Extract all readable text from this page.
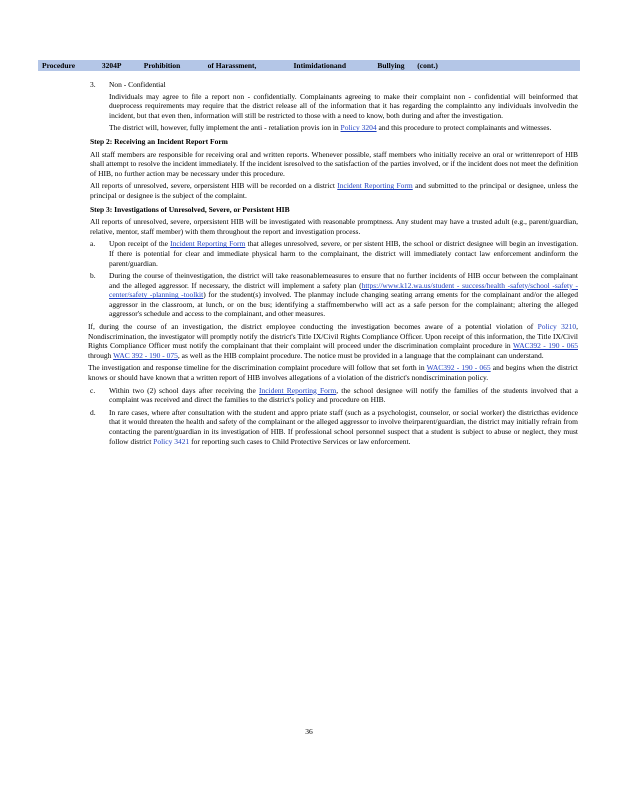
Procedure	3204P	Prohibition	of Harassment,	Intimidationand	Bullying (cont.)
3. Non - Confidential

Individuals may agree to file a report non - confidentially. Complainants agreeing to make their complaint non - confidential will beinformed that dueprocess requirements may require that the district release all of the information that it has regarding the complaintto any individuals involvedin the incident, but that even then, information will still be restricted to those with a need to know, both during and after the investigation.

The district will, however, fully implement the anti - retaliation provis ion in Policy 3204 and this procedure to protect complainants and witnesses.

Step 2: Receiving an Incident Report Form

All staff members are responsible for receiving oral and written reports. Whenever possible, staff members who initially receive an oral or writtenreport of HIB shall attempt to resolve the incident immediately. If the incident isresolved to the satisfaction of the parties involved, or if the incident does not meet the definition of HIB, no further action may be necessary under this procedure.

All reports of unresolved, severe, orpersistent HIB will be recorded on a district Incident Reporting Form and submitted to the principal or designee, unless the principal or designee is the subject of the complaint.

Step 3: Investigations of Unresolved, Severe, or Persistent HIB

All reports of unresolved, severe, orpersistent HIB will be investigated with reasonable promptness. Any student may have a trusted adult (e.g., parent/guardian, relative, mentor, staff member) with them throughout the report and investigation process.

a. Upon receipt of the Incident Reporting Form that alleges unresolved, severe, or per sistent HIB, the school or district designee will begin an investigation. If there is potential for clear and immediate physical harm to the complainant, the district will immediately contact law enforcement andinform the parent/guardian.
b. During the course of theinvestigation, the district will take reasonablemeasures to ensure that no further incidents of HIB occur between the complainant and the alleged aggressor. If necessary, the district will implement a safety plan (https://www.k12.wa.us/student - success/health -safety/school -safety - center/safety -planning -toolkit) for the student(s) involved. The planmay include changing seating arrang ements for the complainant and/or the alleged aggressor in the classroom, at lunch, or on the bus; identifying a staffmemberwho will act as a safe person for the complainant; altering the alleged aggressor's schedule and access to the complainant, and other measures.

If, during the course of an investigation, the district employee conducting the investigation becomes aware of a potential violation of Policy 3210, Nondiscrimination, the investigator will promptly notify the district's Title IX/Civil Rights Compliance Officer. Upon receipt of this information, the Title IX/Civil Rights Compliance Officer must notify the complainant that their complaint will proceed under the discrimination complaint procedure in WAC392 - 190 - 065 through WAC 392 - 190 - 075, as well as the HIB complaint procedure. The notice must be provided in a language that the complainant can understand.

The investigation and response timeline for the discrimination complaint procedure will follow that set forth in WAC392 - 190 - 065 and begins when the district knows or should have known that a written report of HIB involves allegations of a violation of the district's nondiscrimination policy.

c. Within two (2) school days after receiving the Incident Reporting Form, the school designee will notify the families of the students involved that a complaint was received and direct the families to the district's policy and procedure on HIB.
d. In rare cases, where after consultation with the student and appro priate staff (such as a psychologist, counselor, or social worker) the districthas evidence that it would threaten the health and safety of the complainant or the alleged aggressor to involve theirparent/guardian, the district may initially refrain from contacting the parent/guardian in its investigation of HIB. If professional school personnel suspect that a student is subject to abuse or neglect, they must follow district Policy 3421 for reporting such cases to Child Protective Services or law enforcement.
36
